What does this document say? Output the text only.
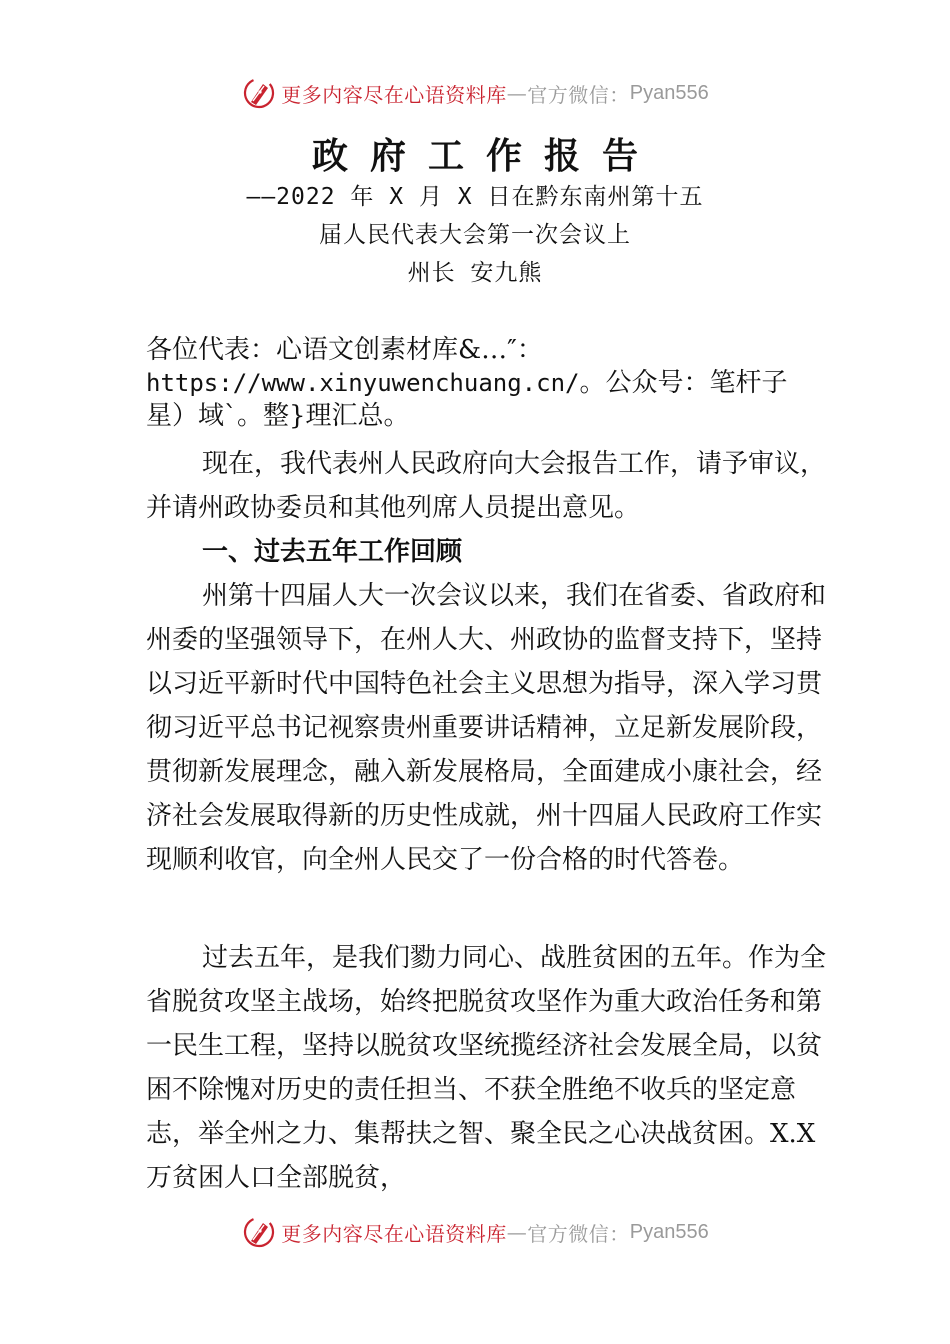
更多内容尽在心语资料库 — 官方微信： Pyan556
政府工作报告
——2022 年 X 月 X 日在黔东南州第十五
届人民代表大会第一次会议上
州长 安九熊

各位代表：心语文创素材库&…″：https://www.xinyuwenchuang.cn/。公众号：笔杆子星）域`。整}理汇总。

现在，我代表州人民政府向大会报告工作，请予审议，并请州政协委员和其他列席人员提出意见。

一、过去五年工作回顾

州第十四届人大一次会议以来，我们在省委、省政府和州委的坚强领导下，在州人大、州政协的监督支持下，坚持以习近平新时代中国特色社会主义思想为指导，深入学习贯彻习近平总书记视察贵州重要讲话精神，立足新发展阶段，贯彻新发展理念，融入新发展格局，全面建成小康社会，经济社会发展取得新的历史性成就，州十四届人民政府工作实现顺利收官，向全州人民交了一份合格的时代答卷。

过去五年，是我们勠力同心、战胜贫困的五年。作为全省脱贫攻坚主战场，始终把脱贫攻坚作为重大政治任务和第一民生工程，坚持以脱贫攻坚统揽经济社会发展全局，以贫困不除愧对历史的责任担当、不获全胜绝不收兵的坚定意志，举全州之力、集帮扶之智、聚全民之心决战贫困。X.X 万贫困人口全部脱贫，

更多内容尽在心语资料库 — 官方微信： Pyan556
